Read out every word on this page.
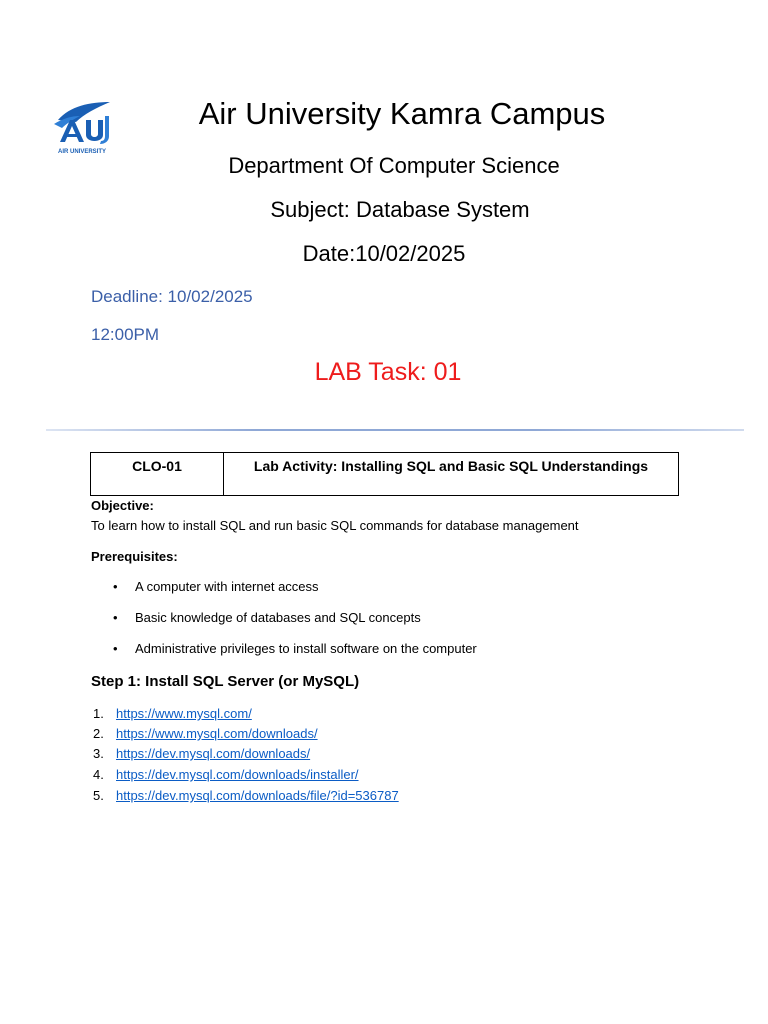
AIR UNIVERSITY
Air University Kamra Campus
Department Of Computer Science
Subject: Database System
Date:10/02/2025
Deadline: 10/02/2025
12:00PM
LAB Task: 01
CLO-01	Lab Activity: Installing SQL and Basic SQL Understandings
Objective:
To learn how to install SQL and run basic SQL commands for database management
Prerequisites:
• A computer with internet access
• Basic knowledge of databases and SQL concepts
• Administrative privileges to install software on the computer
Step 1: Install SQL Server (or MySQL)
1. https://www.mysql.com/
2. https://www.mysql.com/downloads/
3. https://dev.mysql.com/downloads/
4. https://dev.mysql.com/downloads/installer/
5. https://dev.mysql.com/downloads/file/?id=536787
